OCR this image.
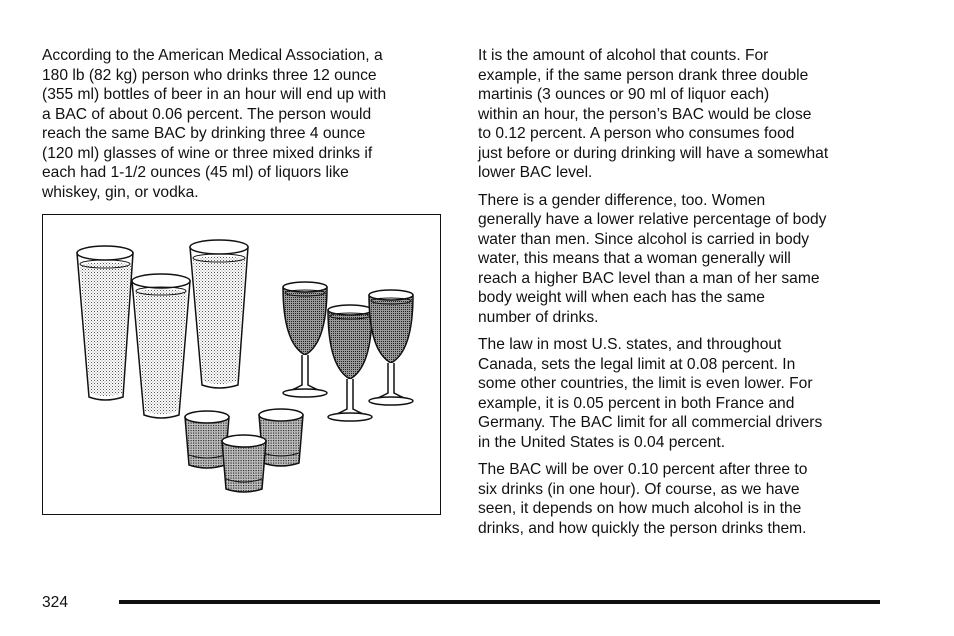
According to the American Medical Association, a
180 lb (82 kg) person who drinks three 12 ounce
(355 ml) bottles of beer in an hour will end up with
a BAC of about 0.06 percent. The person would
reach the same BAC by drinking three 4 ounce
(120 ml) glasses of wine or three mixed drinks if
each had 1-1/2 ounces (45 ml) of liquors like
whiskey, gin, or vodka.

It is the amount of alcohol that counts. For
example, if the same person drank three double
martinis (3 ounces or 90 ml of liquor each)
within an hour, the person’s BAC would be close
to 0.12 percent. A person who consumes food
just before or during drinking will have a somewhat
lower BAC level.

There is a gender difference, too. Women
generally have a lower relative percentage of body
water than men. Since alcohol is carried in body
water, this means that a woman generally will
reach a higher BAC level than a man of her same
body weight will when each has the same
number of drinks.

The law in most U.S. states, and throughout
Canada, sets the legal limit at 0.08 percent. In
some other countries, the limit is even lower. For
example, it is 0.05 percent in both France and
Germany. The BAC limit for all commercial drivers
in the United States is 0.04 percent.

The BAC will be over 0.10 percent after three to
six drinks (in one hour). Of course, as we have
seen, it depends on how much alcohol is in the
drinks, and how quickly the person drinks them.

324
